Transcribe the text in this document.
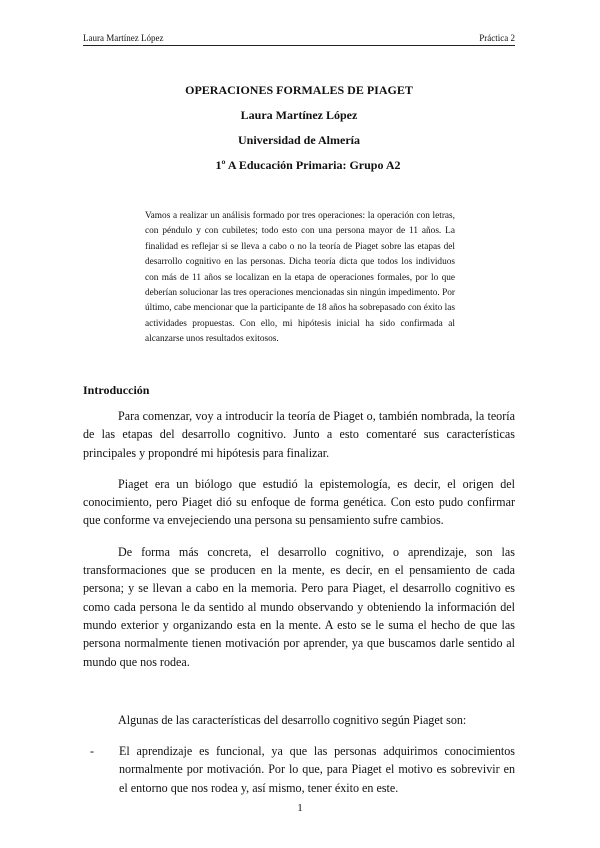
Laura Martínez López	Práctica 2
OPERACIONES FORMALES DE PIAGET
Laura Martínez López
Universidad de Almería
1º A Educación Primaria: Grupo A2
Vamos a realizar un análisis formado por tres operaciones: la operación con letras, con péndulo y con cubiletes; todo esto con una persona mayor de 11 años. La finalidad es reflejar si se lleva a cabo o no la teoría de Piaget sobre las etapas del desarrollo cognitivo en las personas. Dicha teoría dicta que todos los individuos con más de 11 años se localizan en la etapa de operaciones formales, por lo que deberían solucionar las tres operaciones mencionadas sin ningún impedimento. Por último, cabe mencionar que la participante de 18 años ha sobrepasado con éxito las actividades propuestas. Con ello, mi hipótesis inicial ha sido confirmada al alcanzarse unos resultados exitosos.
Introducción

Para comenzar, voy a introducir la teoría de Piaget o, también nombrada, la teoría de las etapas del desarrollo cognitivo. Junto a esto comentaré sus características principales y propondré mi hipótesis para finalizar.

Piaget era un biólogo que estudió la epistemología, es decir, el origen del conocimiento, pero Piaget dió su enfoque de forma genética. Con esto pudo confirmar que conforme va envejeciendo una persona su pensamiento sufre cambios.

De forma más concreta, el desarrollo cognitivo, o aprendizaje, son las transformaciones que se producen en la mente, es decir, en el pensamiento de cada persona; y se llevan a cabo en la memoria. Pero para Piaget, el desarrollo cognitivo es como cada persona le da sentido al mundo observando y obteniendo la información del mundo exterior y organizando esta en la mente. A esto se le suma el hecho de que las persona normalmente tienen motivación por aprender, ya que buscamos darle sentido al mundo que nos rodea.

Algunas de las características del desarrollo cognitivo según Piaget son:

- El aprendizaje es funcional, ya que las personas adquirimos conocimientos normalmente por motivación. Por lo que, para Piaget el motivo es sobrevivir en el entorno que nos rodea y, así mismo, tener éxito en este.
1
